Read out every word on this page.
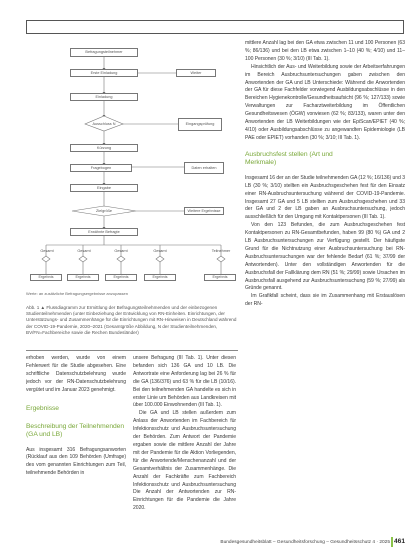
Befragungsteilnehmer
Erste Einladung	Weiter
Einladung
Ausschluss N	Eingangsprüfung
Kürzung
Fragebogen	Daten erhalten
Eingabe
Zielgröße	Weitere Ergebnisse
Erwähnte Befragte
Gesamt	Gesamt	Gesamt	Gesamt	Teilnehmer
Ergebnis	Ergebnis	Ergebnis	Ergebnis	Ergebnis
Werte: an zusätzliche Befragungsergebnisse anzupassen
Abb. 1 ▲ Flussdiagramm zur Ermittlung der Befragungsteilnehmenden und der einbezogenen Studienteilnehmenden (unter Einbeziehung der Entwicklung von RN-Einheiten. Einrichtungen, der Unterstützungs- und Zusammenhänge für die Einrichtungen mit RN-Hinweisen in Deutschland während der COVID-19-Pandemie, 2020–2021 (Gesamtgröße Abbildung, N der Studienteilnehmenden, BV/FN=Fachbereiche sowie die Rechen Bundesländer)

erhoben werden, wurde von einem Fehlerwert für die Studie abgesehen. Eine schriftliche Datenschutzbelehrung wurde jedoch vor der RN-Datenschutzbelehrung vergütet und im Januar 2023 genehmigt.

Ergebnisse
Beschreibung der Teilnehmenden (GA und LB)

Aus insgesamt 316 Befragungsanworten (Rücklauf aus den 109 Behörden (Umfrage) des vom genannten Einrichtungen zum Teil, teilnehmende Behörden in

unsere Befragung (III Tab. 1). Unter diesen befanden sich 136 GA und 10 LB. Die Antwortrate eine Anforderung lag bei 26 % für die GA (136/376) und 63 % für die LB (10/16). Bei den teilnehmenden GA handelte es sich in erster Linie um Behörden aus Landkreisen mit über 100.000 Einwohnenden (III Tab. 1).

Die GA und LB stellen außerdem zum Anlass der Anwortenden im Fachbereich für Infektionsschutz und Ausbruchsuntersuchung der Behörden. Zum Antwort der Pandemie ergaben sowie die mittlere Anzahl der Jahre mit der Pandemie für die Aktion Vorliegenden, für die Anwortende/Menschenanzahl und der Gesamtverhältnis der Zusammenhänge. Die Anzahl der Fachkräfte zum Fachbereich Infektionsschutz und Ausbruchsuntersuchung Die Anzahl der Antwortenden zur RN-Einrichtungen für die Pandemie die Jahre 2020.

mittlere Anzahl lag bei den GA etwa zwischen 11 und 100 Personen (63 %; 86/136) und bei den LB etwa zwischen 1–10 (40 %; 4/10) und 11–100 Personen (30 %; 3/10) (III Tab. 1).

Hinsichtlich der Aus- und Weiterbildung sowie der Arbeitserfahrungen im Bereich Ausbruchsuntersuchungen gaben zwischen den Anwortenden der GA und LB Unterschiede: Während die Anwortenden der GA für diese Fachfelder vorwiegend Ausbildungsabschlüsse in den Bereichen Hygienekontrolle/Gesundheitsaufsicht (96 %; 127/133) sowie Verwaltungen zur Facharztweiterbildung im Öffentlichen Gesundheitswesen (ÖGW) vorwiesen (62 %; 83/133), waren unter den Anwortenden der LB Weiterbildungen wie der EpiScan/EPIET (40 %; 4/10) oder Ausbildungsabschlüsse zu angewandten Epidemiologie (LB PAE oder EPIET) vorhanden (30 %; 3/10; III Tab. 1).

Ausbruchsfest stellen (Art und Merkmale)

Insgesamt 16 der an der Studie teilnehmenden GA (12 %; 16/136) und 3 LB (30 %; 3/10) stellten ein Ausbruchsgeschehen fest für den Einsatz einer RN-Ausbruchsuntersuchung während der COVID-19-Pandemie. Insgesamt 27 GA und 5 LB stellten zum Ausbruchsgeschehen und 33 der GA und 2 der LB gaben an Ausbruchsuntersuchung, jedoch ausschließlich für den Umgang mit Kontaktpersonen (III Tab. 1).

Von den 123 Befunden, die zum Ausbruchsgeschehen fest Kontaktpersonen zu RN-Gesamtbefunden, haben 99 (80 %) GA und 2 LB Ausbruchsuntersuchungen zur Verfügung gestellt. Der häufigste Grund für die Nichtnutzung einer Ausbruchsuntersuchung bei RN-Ausbruchsuntersuchungen war der fehlende Bedarf (61 %; 37/99 der Antwortenden). Unter den vollständigen Anwortenden für die Ausbruchsfall der Fallklärung dem RN (51 %; 29/99) sowie Ursachen im Ausbruchsfall ausgehend zur Ausbruchsuntersuchung (59 %; 27/99) als Gründe genannt.

Im Grafikfall scheint, dass sie im Zusammenhang mit Erstauslösen der RN-

Bundesgesundheitsblatt – Gesundheitsforschung – Gesundheitsschutz 4 · 2025 461
